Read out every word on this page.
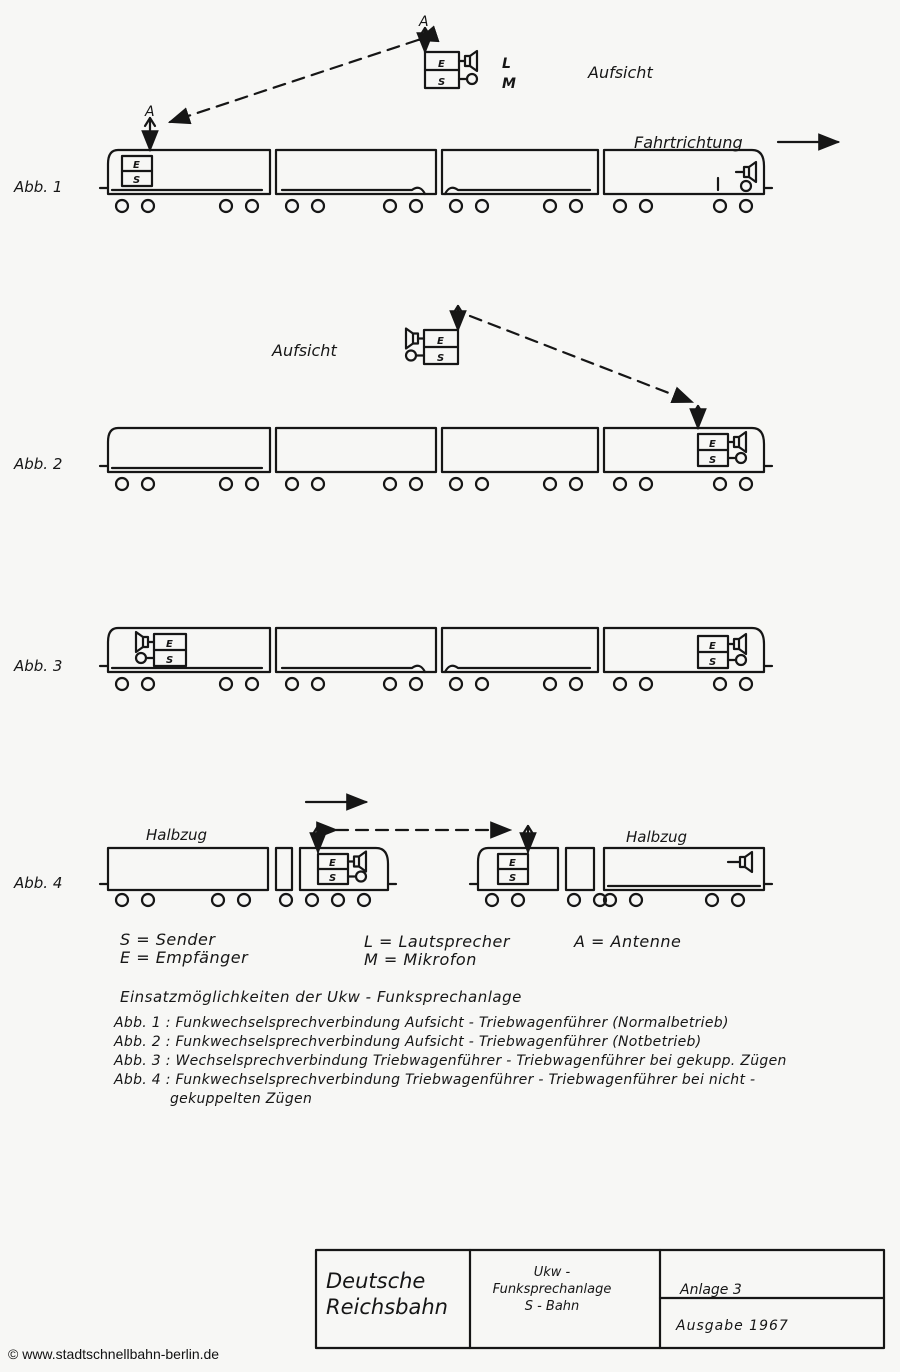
A
E
S
L
M
Aufsicht
A
Fahrtrichtung
E
S
Aufsicht	E
S
E
S
E
S
E
S
Halbzug	Halbzug
E
S
E
S
Abb. 1
Abb. 2
Abb. 3
Abb. 4
S = Sender
E = Empfänger
L = Lautsprecher
M = Mikrofon
A = Antenne
Einsatzmöglichkeiten der Ukw - Funksprechanlage
Abb. 1 : Funkwechselsprechverbindung Aufsicht - Triebwagenführer (Normalbetrieb)
Abb. 2 : Funkwechselsprechverbindung Aufsicht - Triebwagenführer (Notbetrieb)
Abb. 3 : Wechselsprechverbindung Triebwagenführer - Triebwagenführer bei gekupp. Zügen
Abb. 4 : Funkwechselsprechverbindung Triebwagenführer - Triebwagenführer bei nicht -
gekuppelten Zügen
Deutsche
Reichsbahn
Ukw -
Funksprechanlage
S - Bahn
Anlage 3
Ausgabe 1967
© www.stadtschnellbahn-berlin.de
